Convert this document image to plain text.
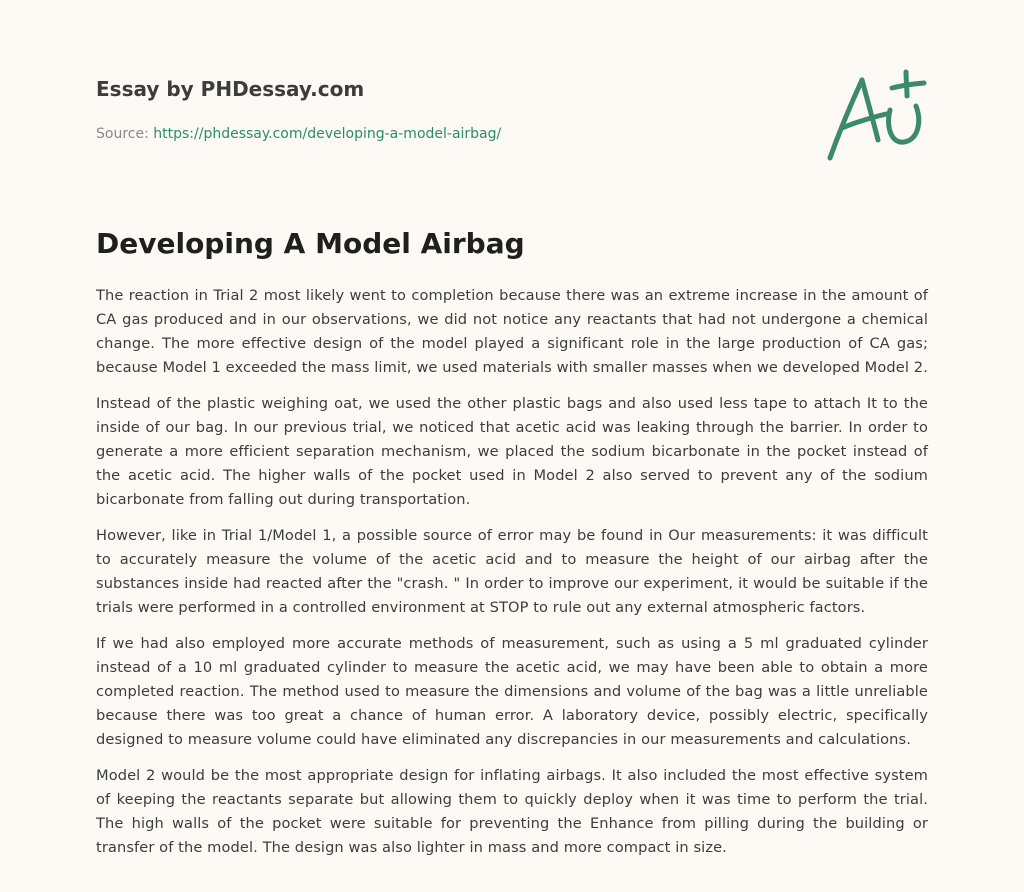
Essay by PHDessay.com
Source: https://phdessay.com/developing-a-model-airbag/
Developing A Model Airbag

The reaction in Trial 2 most likely went to completion because there was an extreme increase in the amount of CA gas produced and in our observations, we did not notice any reactants that had not undergone a chemical change. The more effective design of the model played a significant role in the large production of CA gas; because Model 1 exceeded the mass limit, we used materials with smaller masses when we developed Model 2.

Instead of the plastic weighing oat, we used the other plastic bags and also used less tape to attach It to the inside of our bag. In our previous trial, we noticed that acetic acid was leaking through the barrier. In order to generate a more efficient separation mechanism, we placed the sodium bicarbonate in the pocket instead of the acetic acid. The higher walls of the pocket used in Model 2 also served to prevent any of the sodium bicarbonate from falling out during transportation.

However, like in Trial 1/Model 1, a possible source of error may be found in Our measurements: it was difficult to accurately measure the volume of the acetic acid and to measure the height of our airbag after the substances inside had reacted after the "crash. " In order to improve our experiment, it would be suitable if the trials were performed in a controlled environment at STOP to rule out any external atmospheric factors.

If we had also employed more accurate methods of measurement, such as using a 5 ml graduated cylinder instead of a 10 ml graduated cylinder to measure the acetic acid, we may have been able to obtain a more completed reaction. The method used to measure the dimensions and volume of the bag was a little unreliable because there was too great a chance of human error. A laboratory device, possibly electric, specifically designed to measure volume could have eliminated any discrepancies in our measurements and calculations.

Model 2 would be the most appropriate design for inflating airbags. It also included the most effective system of keeping the reactants separate but allowing them to quickly deploy when it was time to perform the trial. The high walls of the pocket were suitable for preventing the Enhance from pilling during the building or transfer of the model. The design was also lighter in mass and more compact in size.
